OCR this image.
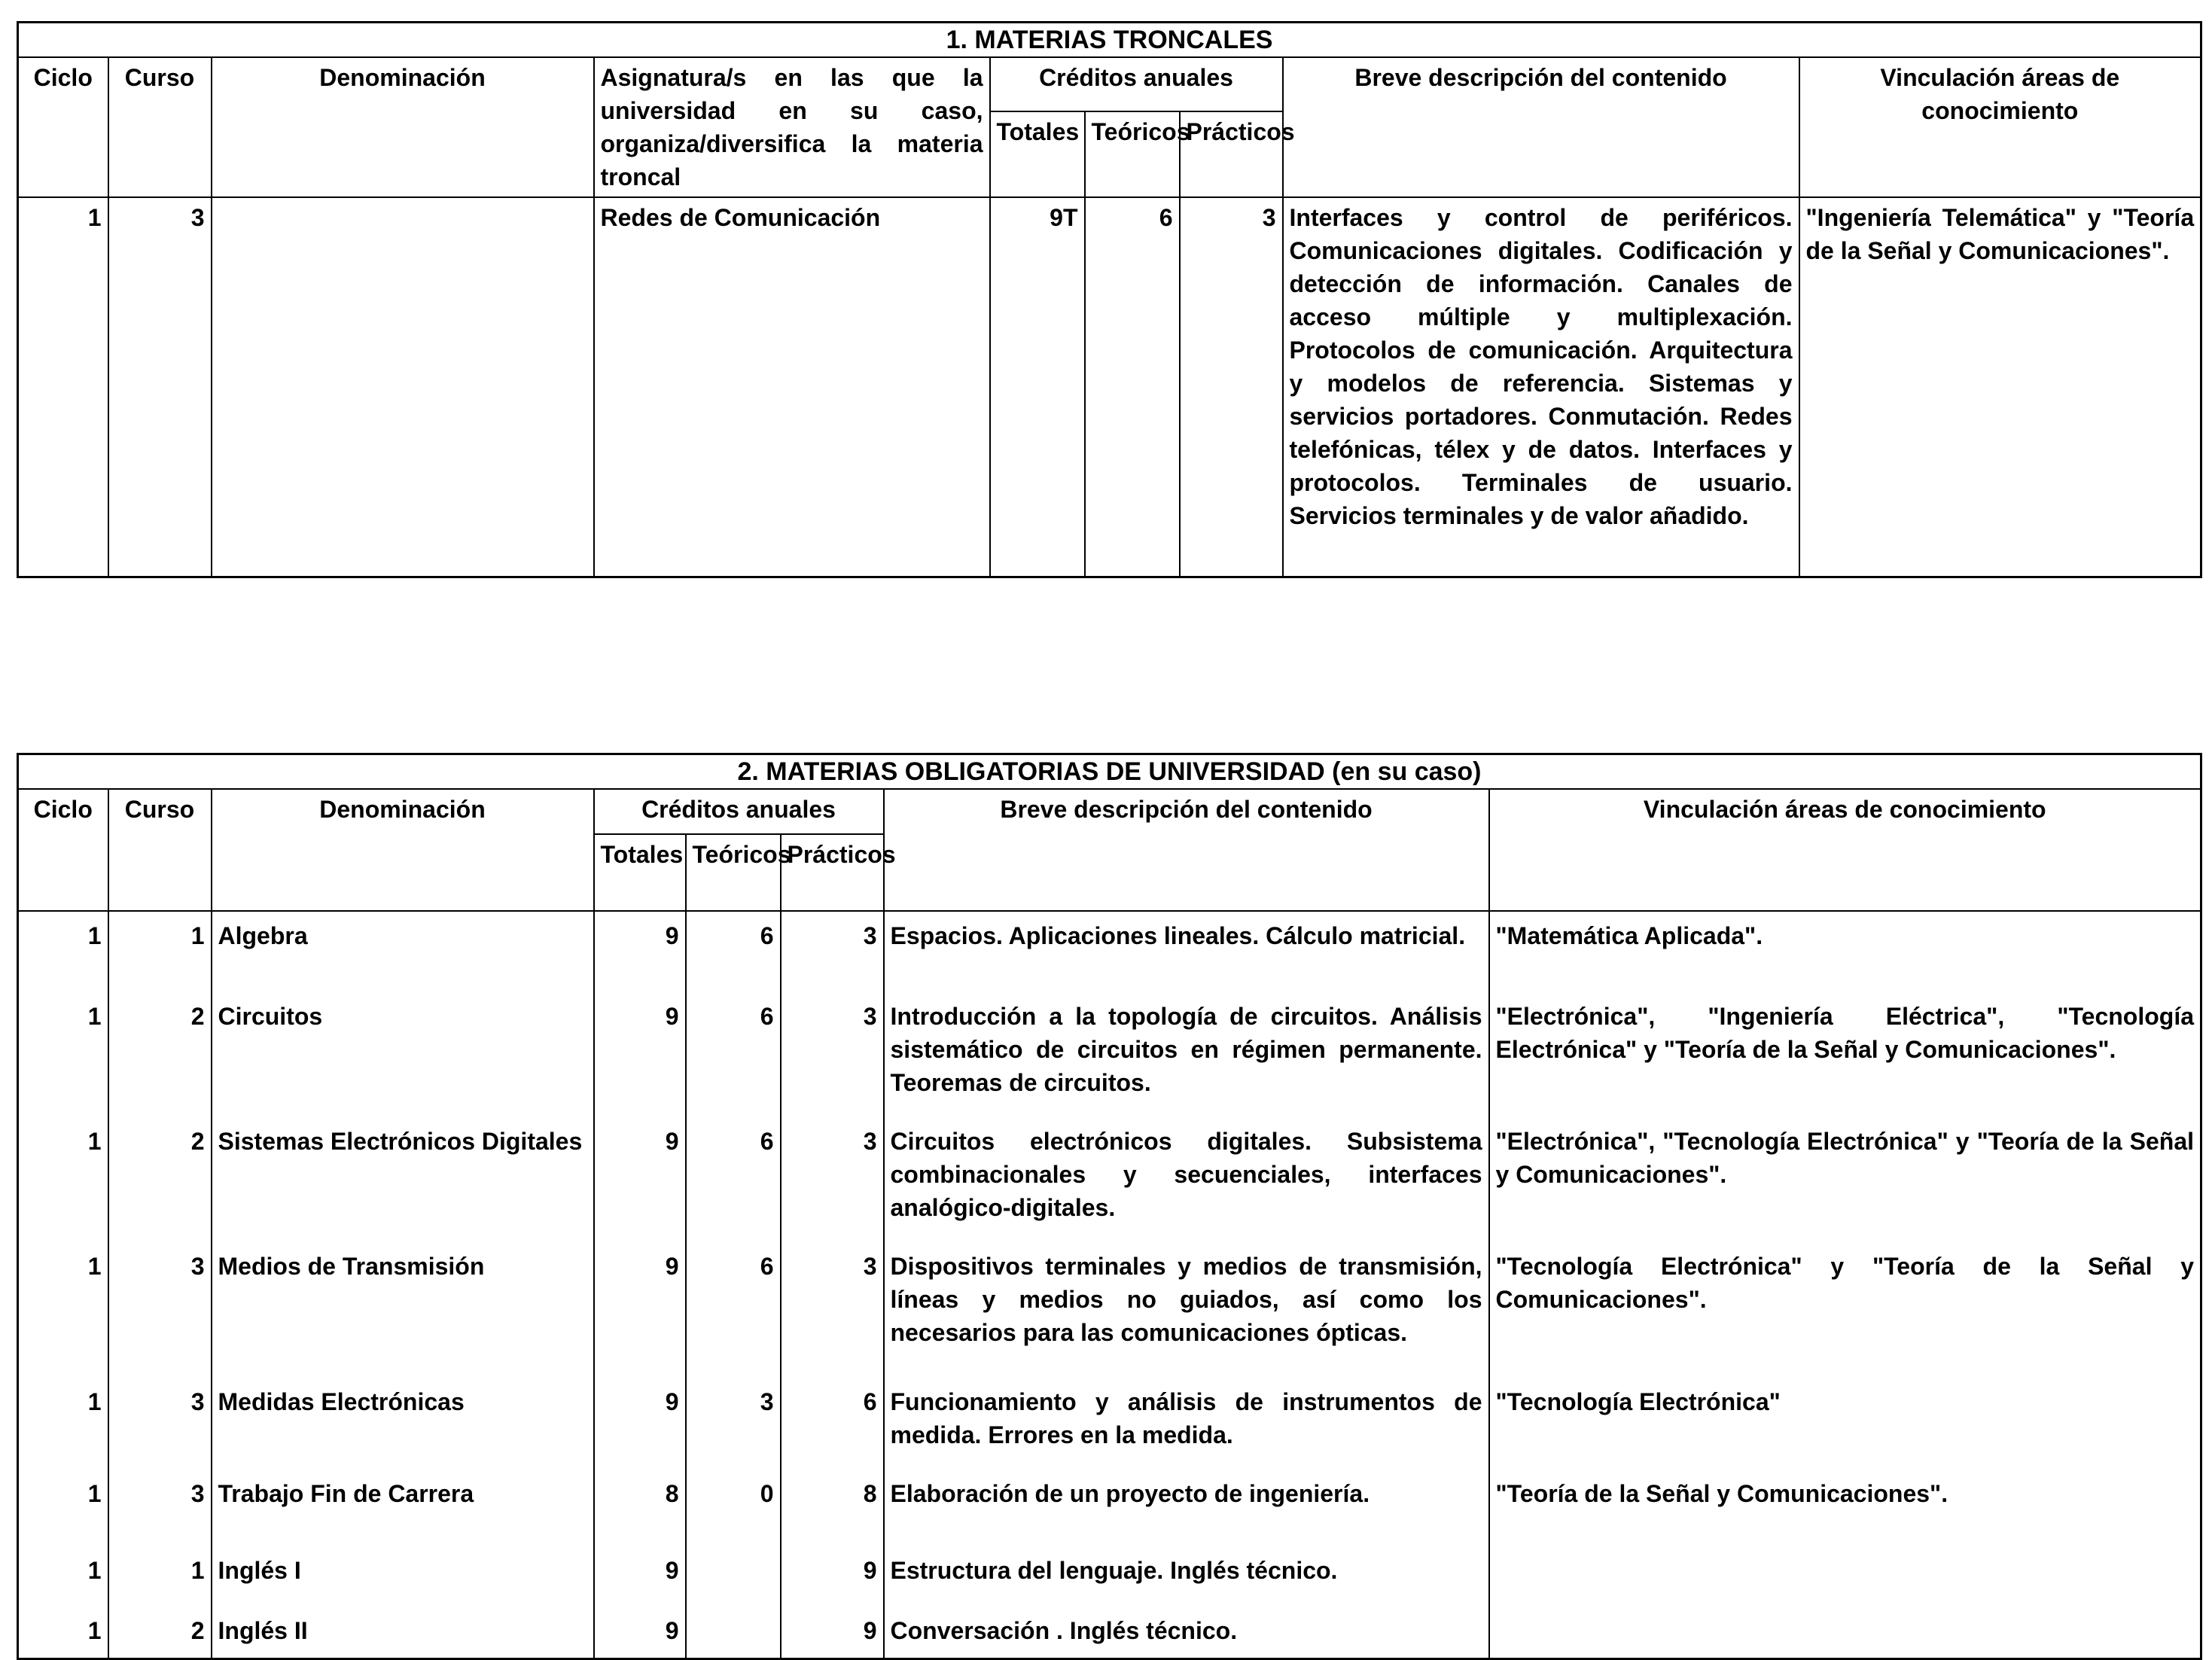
1. MATERIAS TRONCALES								
Ciclo	Curso	Denominación	Asignatura/s en las que la universidad en su caso, organiza/diversifica la materia troncal	Créditos anuales			Breve descripción del contenido	Vinculación áreas de conocimiento
				Totales	Teóricos	Prácticos		
1	3		Redes de Comunicación	9T	6	3	Interfaces y control de periféricos. Comunicaciones digitales. Codificación y detección de información. Canales de acceso múltiple y multiplexación. Protocolos de comunicación. Arquitectura y modelos de referencia. Sistemas y servicios portadores. Conmutación. Redes telefónicas, télex y de datos. Interfaces y protocolos. Terminales de usuario. Servicios terminales y de valor añadido.	"Ingeniería Telemática" y "Teoría de la Señal y Comunicaciones".
2. MATERIAS OBLIGATORIAS DE UNIVERSIDAD (en su caso)							
Ciclo	Curso	Denominación	Créditos anuales			Breve descripción del contenido	Vinculación áreas de conocimiento
			Totales	Teóricos	Prácticos		
1	1	Algebra	9	6	3	Espacios. Aplicaciones lineales. Cálculo matricial.	"Matemática Aplicada".
1	2	Circuitos	9	6	3	Introducción a la topología de circuitos. Análisis sistemático de circuitos en régimen permanente. Teoremas de circuitos.	"Electrónica", "Ingeniería Eléctrica", "Tecnología Electrónica" y "Teoría de la Señal y Comunicaciones".
1	2	Sistemas Electrónicos Digitales	9	6	3	Circuitos electrónicos digitales. Subsistema combinacionales y secuenciales, interfaces analógico-digitales.	"Electrónica", "Tecnología Electrónica" y "Teoría de la Señal y Comunicaciones".
1	3	Medios de Transmisión	9	6	3	Dispositivos terminales y medios de transmisión, líneas y medios no guiados, así como los necesarios para las comunicaciones ópticas.	"Tecnología Electrónica" y "Teoría de la Señal y Comunicaciones".
1	3	Medidas Electrónicas	9	3	6	Funcionamiento y análisis de instrumentos de medida. Errores en la medida.	"Tecnología Electrónica"
1	3	Trabajo Fin de Carrera	8	0	8	Elaboración de un proyecto de ingeniería.	"Teoría de la Señal y Comunicaciones".
1	1	Inglés I	9		9	Estructura del lenguaje. Inglés técnico.	
1	2	Inglés II	9		9	Conversación . Inglés técnico.	
